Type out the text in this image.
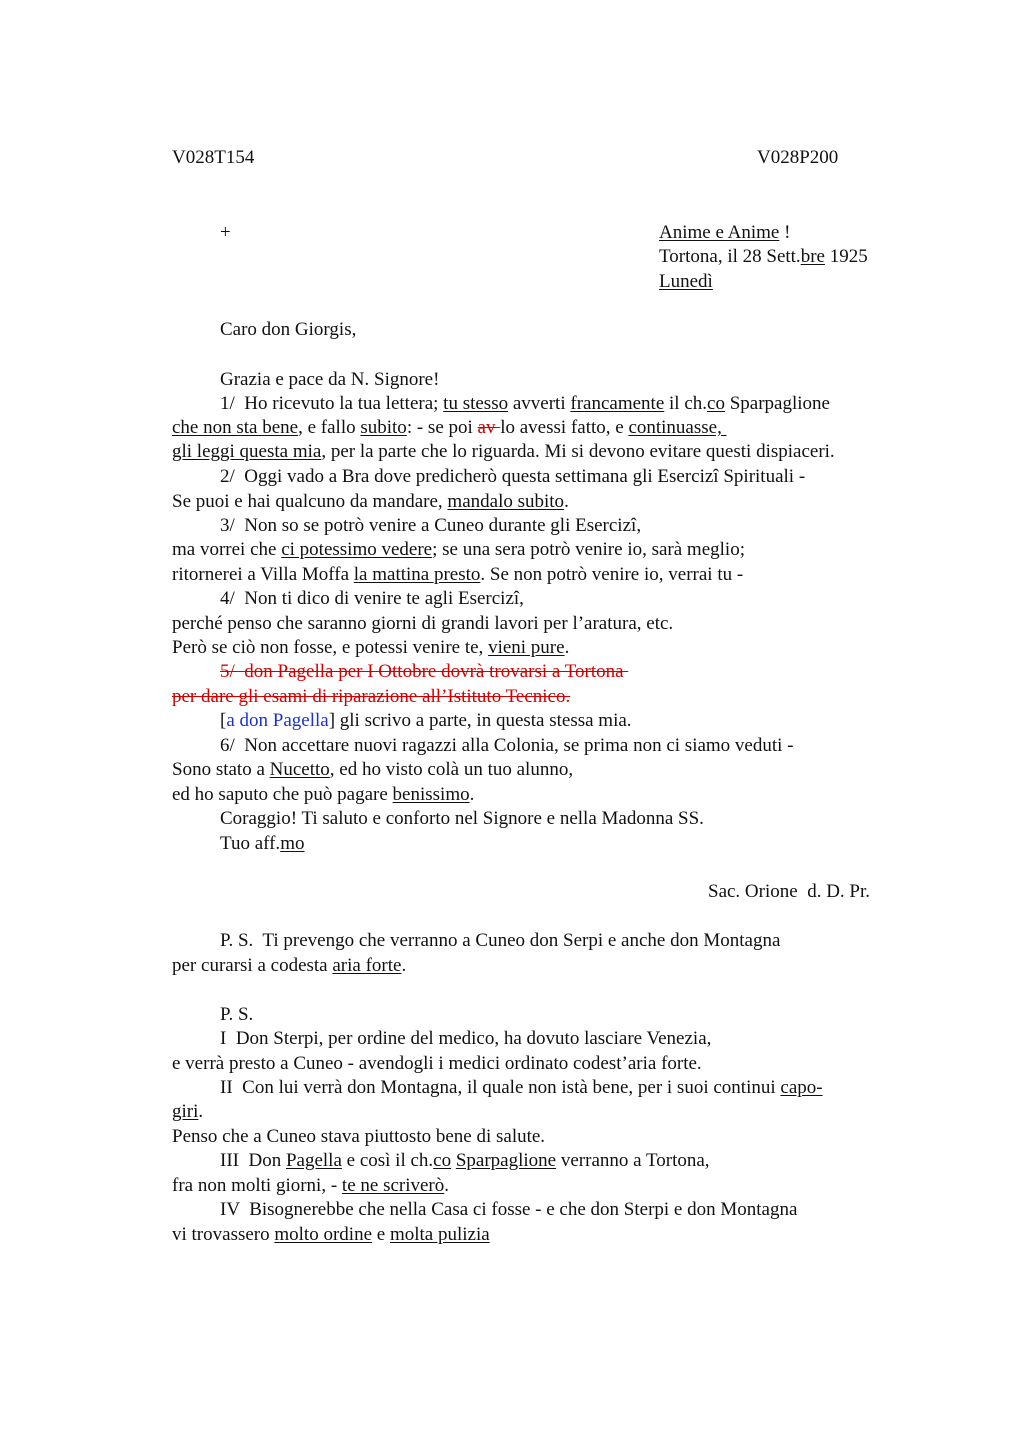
V028T154	V028P200
+	Anime e Anime !
Tortona, il 28 Sett.bre 1925
Lunedì
Caro don Giorgis,
Grazia e pace da N. Signore!
1/  Ho ricevuto la tua lettera; tu stesso avverti francamente il ch.co Sparpaglione
che non sta bene, e fallo subito: - se poi av lo avessi fatto, e continuasse,
gli leggi questa mia, per la parte che lo riguarda. Mi si devono evitare questi dispiaceri.
2/  Oggi vado a Bra dove predicherò questa settimana gli Esercizi Spirituali -
Se puoi e hai qualcuno da mandare, mandalo subito.
3/  Non so se potrò venire a Cuneo durante gli Esercizi,
ma vorrei che ci potessimo vedere; se una sera potrò venire io, sarà meglio;
ritornerei a Villa Moffa la mattina presto. Se non potrò venire io, verrai tu -
4/  Non ti dico di venire te agli Esercizi,
perché penso che saranno giorni di grandi lavori per l’aratura, etc.
Però se ciò non fosse, e potessi venire te, vieni pure.
5/  don Pagella per I Ottobre dovrà trovarsi a Tortona
per dare gli esami di riparazione all’Istituto Tecnico.
[a don Pagella] gli scrivo a parte, in questa stessa mia.
6/  Non accettare nuovi ragazzi alla Colonia, se prima non ci siamo veduti -
Sono stato a Nucetto, ed ho visto colà un tuo alunno,
ed ho saputo che può pagare benissimo.
Coraggio! Ti saluto e conforto nel Signore e nella Madonna SS.
Tuo aff.mo
Sac. Orione  d. D. Pr.
P. S.  Ti prevengo che verranno a Cuneo don Serpi e anche don Montagna
per curarsi a codesta aria forte.
P. S.
I  Don Sterpi, per ordine del medico, ha dovuto lasciare Venezia,
e verrà presto a Cuneo - avendogli i medici ordinato codest’aria forte.
II  Con lui verrà don Montagna, il quale non istà bene, per i suoi continui capo-
giri.
Penso che a Cuneo stava piuttosto bene di salute.
III  Don Pagella e così il ch.co Sparpaglione verranno a Tortona,
fra non molti giorni, - te ne scriverò.
IV  Bisognerebbe che nella Casa ci fosse - e che don Sterpi e don Montagna
vi trovassero molto ordine e molta pulizia
